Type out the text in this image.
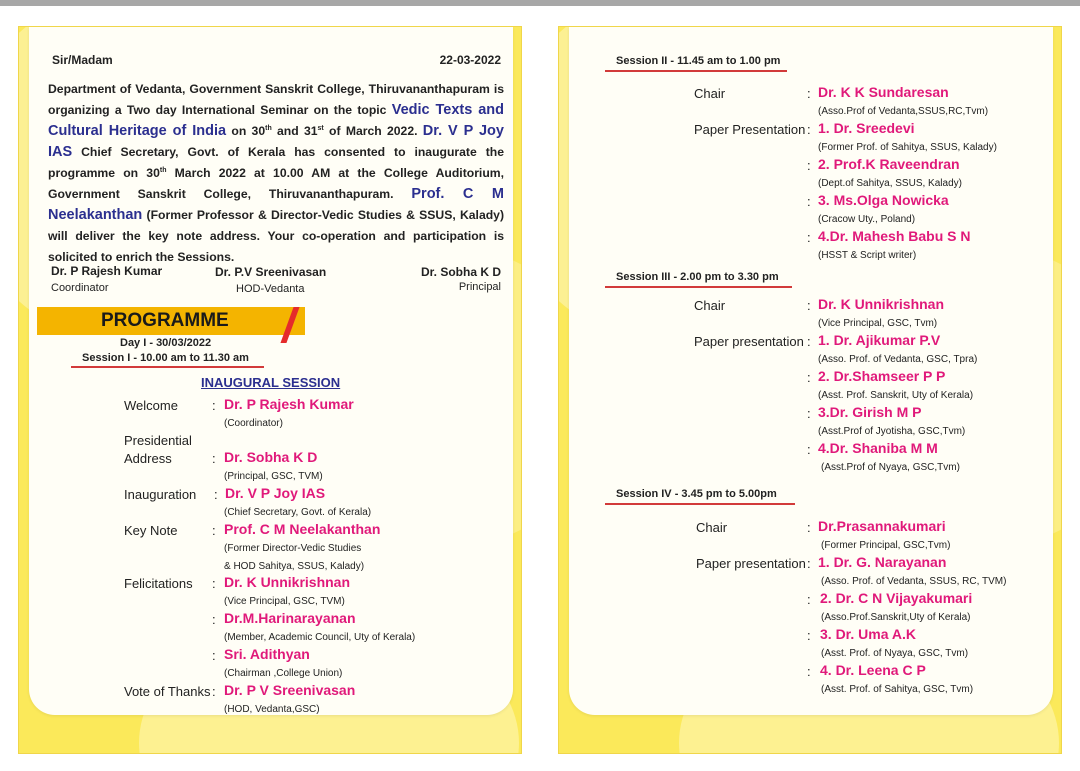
Sir/Madam	22-03-2022
Department of Vedanta, Government Sanskrit College, Thiruvananthapuram is organizing a Two day International Seminar on the topic Vedic Texts and Cultural Heritage of India on 30th and 31st of March 2022. Dr. V P Joy IAS Chief Secretary, Govt. of Kerala has consented to inaugurate the programme on 30th March 2022 at 10.00 AM at the College Auditorium, Government Sanskrit College, Thiruvananthapuram. Prof. C M Neelakanthan (Former Professor & Director-Vedic Studies & SSUS, Kalady) will deliver the key note address. Your co-operation and participation is solicited to enrich the Sessions.
Dr. P Rajesh Kumar
Coordinator
Dr. P.V Sreenivasan
HOD-Vedanta
Dr. Sobha K D
Principal
PROGRAMME
Day I - 30/03/2022
Session I - 10.00 am to 11.30 am
INAUGURAL SESSION
Welcome	: Dr. P Rajesh Kumar
(Coordinator)
Presidential
Address	: Dr. Sobha K D
(Principal, GSC, TVM)
Inauguration : Dr. V P Joy IAS
(Chief Secretary, Govt. of Kerala)
Key Note	: Prof. C M Neelakanthan
(Former Director-Vedic Studies
& HOD Sahitya, SSUS, Kalady)
Felicitations : Dr. K Unnikrishnan
(Vice Principal, GSC, TVM)
: Dr.M.Harinarayanan
(Member, Academic Council, Uty of Kerala)
: Sri. Adithyan
(Chairman ,College Union)
Vote of Thanks : Dr. P V Sreenivasan
(HOD, Vedanta,GSC)
Session II - 11.45 am to 1.00 pm
Chair	: Dr. K K Sundaresan
(Asso.Prof of Vedanta,SSUS,RC,Tvm)
Paper Presentation : 1. Dr. Sreedevi
(Former Prof. of Sahitya, SSUS, Kalady)
: 2. Prof.K Raveendran
(Dept.of Sahitya, SSUS, Kalady)
: 3. Ms.Olga Nowicka
(Cracow Uty., Poland)
: 4.Dr. Mahesh Babu S N
(HSST & Script writer)
Session III - 2.00 pm to 3.30 pm
Chair	: Dr. K Unnikrishnan
(Vice Principal, GSC, Tvm)
Paper presentation : 1. Dr. Ajikumar P.V
(Asso. Prof. of Vedanta, GSC, Tpra)
: 2. Dr.Shamseer P P
(Asst. Prof. Sanskrit, Uty of Kerala)
: 3.Dr. Girish M P
(Asst.Prof of Jyotisha, GSC,Tvm)
: 4.Dr. Shaniba M M
(Asst.Prof of Nyaya, GSC,Tvm)
Session IV - 3.45 pm to 5.00pm
Chair	: Dr.Prasannakumari
(Former Principal, GSC,Tvm)
Paper presentation : 1. Dr. G. Narayanan
(Asso. Prof. of Vedanta, SSUS, RC, TVM)
: 2. Dr. C N Vijayakumari
(Asso.Prof.Sanskrit,Uty of Kerala)
: 3. Dr. Uma A.K
(Asst. Prof. of Nyaya, GSC, Tvm)
: 4. Dr. Leena C P
(Asst. Prof. of Sahitya, GSC, Tvm)
